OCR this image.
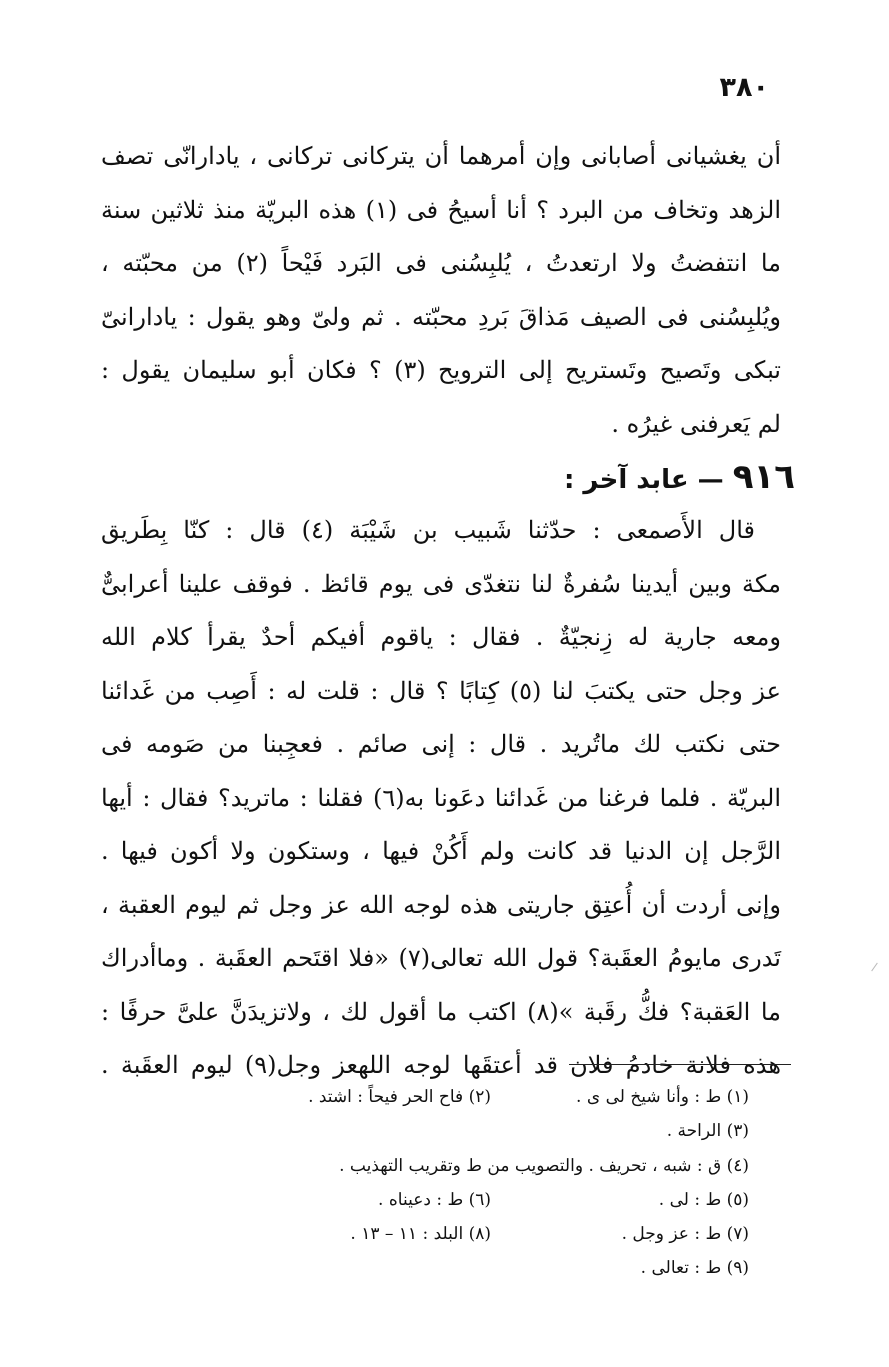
٣٨٠
أن يغشيانى أصابانى وإن أمرهما أن يتركانى تركانى ، يادارانّى تصف
الزهد وتخاف من البرد ؟ أنا أسيحُ فى (١) هذه البريّة منذ ثلاثين سنة
ما انتفضتُ ولا ارتعدتُ ، يُلبِسُنى فى البَرد فَيْحاً (٢) من محبّته ،
ويُلبِسُنى فى الصيف مَذاقَ بَردِ محبّته . ثم ولىّ وهو يقول : يادارانىّ
تبكى وتَصيح وتَستريح إلى الترويح (٣) ؟ فكان أبو سليمان يقول :
لم يَعرفنى غيرُه .
٩١٦ — عابد آخر :
قال الأَصمعى : حدّثنا شَبيب بن شَيْبَة (٤) قال : كنّا بِطَريق
مكة وبين أيدينا سُفرةٌ لنا نتغدّى فى يوم قائظ . فوقف علينا أعرابىٌّ
ومعه جارية له زِنجيّةٌ . فقال : ياقوم أفيكم أحدٌ يقرأ كلام الله
عز وجل حتى يكتبَ لنا (٥) كِتابًا ؟ قال : قلت له : أَصِب من غَدائنا
حتى نكتب لك ماتُريد . قال : إنى صائم . فعجِبنا من صَومه فى
البريّة . فلما فرغنا من غَدائنا دعَونا به(٦) فقلنا : ماتريد؟ فقال : أيها
الرَّجل إن الدنيا قد كانت ولم أَكُنْ فيها ، وستكون ولا أكون فيها .
وإنى أردت أن أُعتِق جاريتى هذه لوجه الله عز وجل ثم ليوم العقبة ،
تَدرى مايومُ العقَبة؟ قول الله تعالى(٧) «فلا اقتَحم العقَبة . وماأدراك
ما العَقبة؟ فكُّ رقَبة »(٨) اكتب ما أقول لك ، ولاتزيدَنَّ علىَّ حرفًا :
هذه فلانة خادمُ فلان قد أعتقَها لوجه اللهعز وجل(٩) ليوم العقَبة .
(١) ط : وأنا شيخ لى ى .
(٢) فاح الحر فيحاً : اشتد .
(٣) الراحة .
(٤) ق : شبه ، تحريف . والتصويب من ط وتقريب التهذيب .
(٥) ط : لى .
(٦) ط : دعيناه .
(٧) ط : عز وجل .
(٨) البلد : ١١ – ١٣ .
(٩) ط : تعالى .
